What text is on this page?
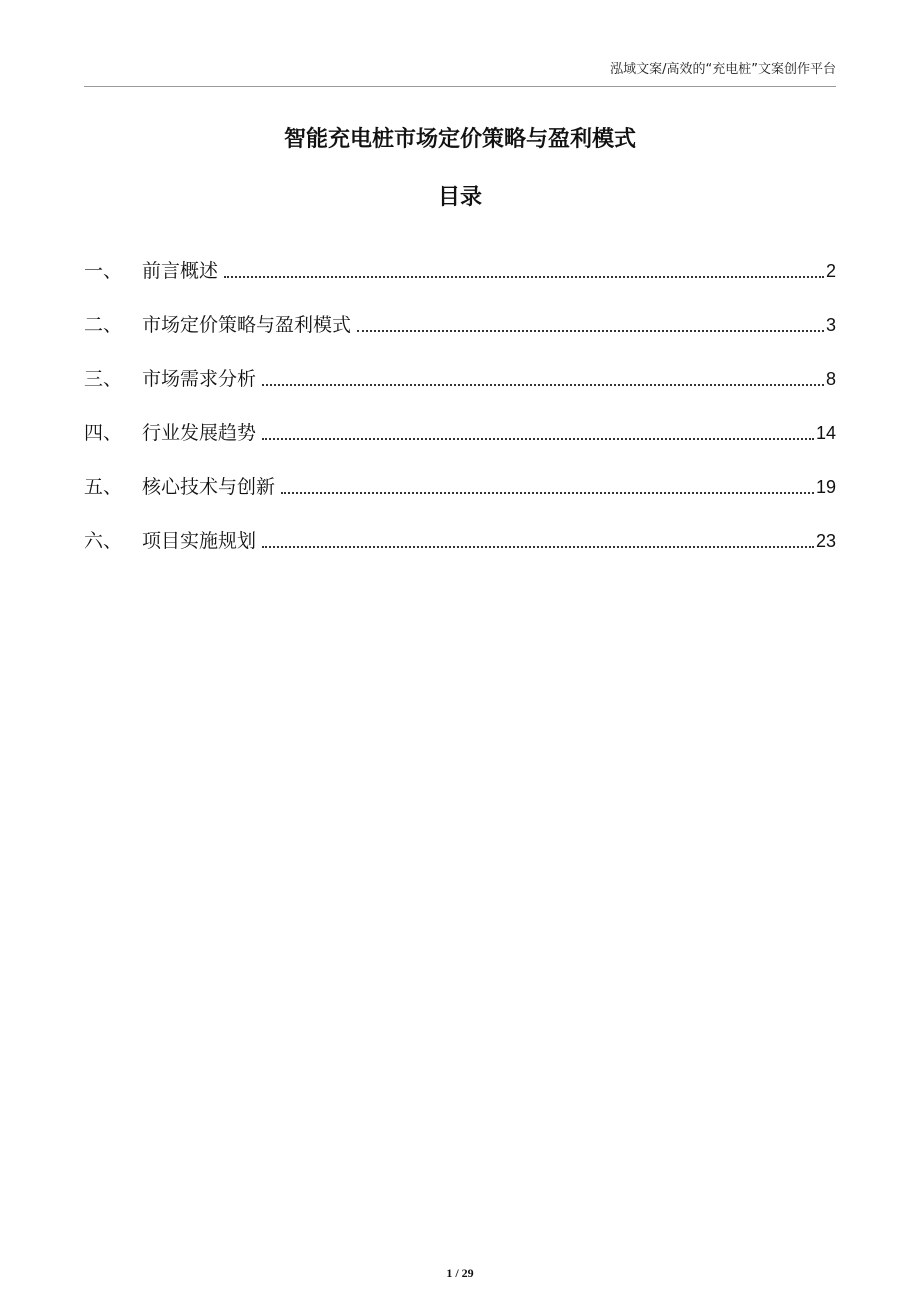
泓域文案/高效的“充电桩”文案创作平台
智能充电桩市场定价策略与盈利模式
目录
一、	前言概述	2
二、	市场定价策略与盈利模式	3
三、	市场需求分析	8
四、	行业发展趋势	14
五、	核心技术与创新	19
六、	项目实施规划	23
1 / 29
